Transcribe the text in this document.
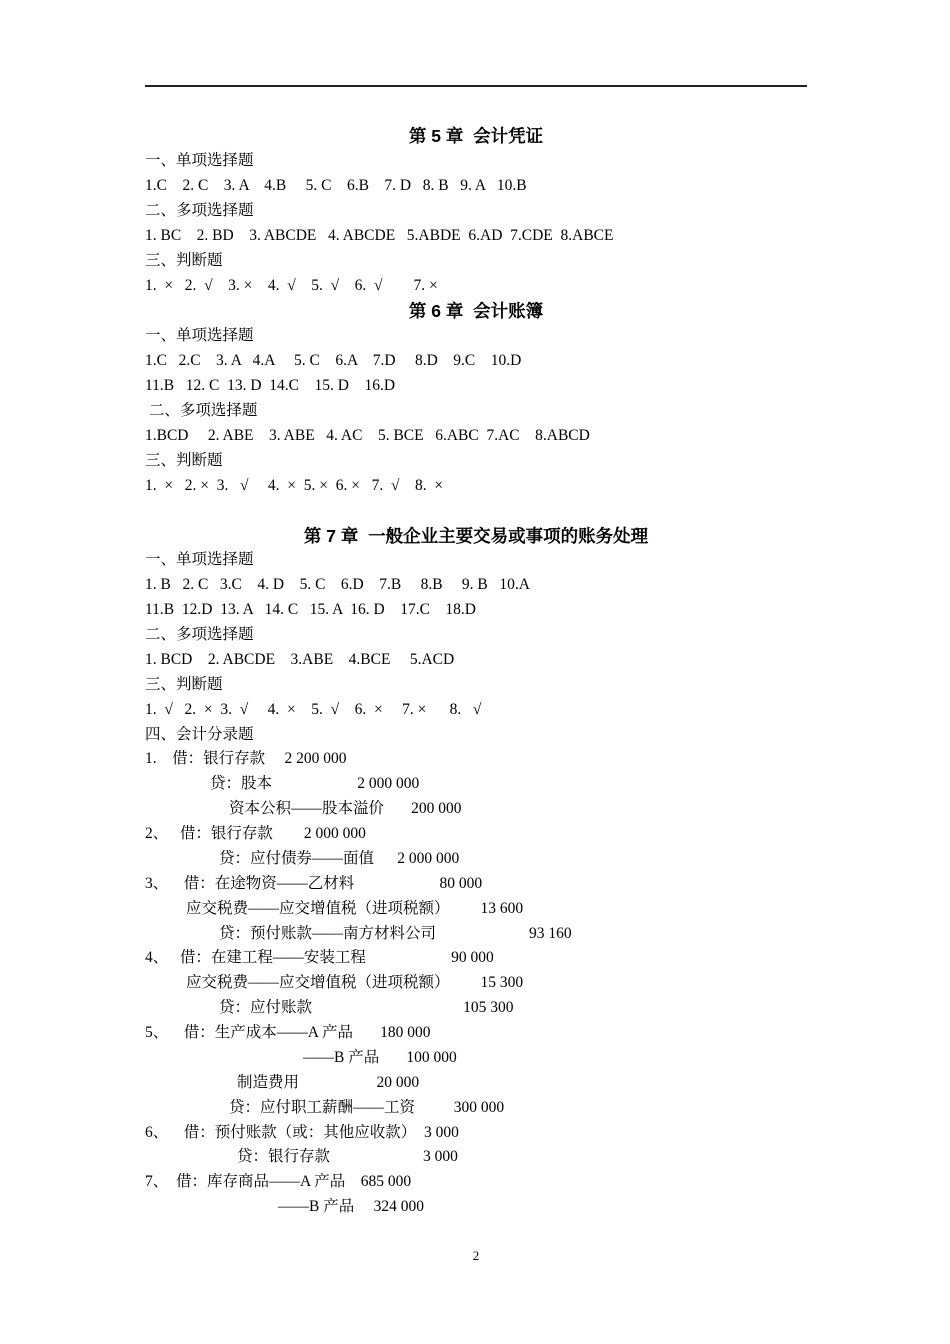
第 5 章  会计凭证
一、单项选择题
1.C    2. C    3. A    4.B     5. C    6.B    7. D   8. B   9. A   10.B
二、多项选择题
1. BC    2. BD    3. ABCDE   4. ABCDE   5.ABDE  6.AD  7.CDE  8.ABCE
三、判断题
1.  ×   2.  √    3. ×    4.  √    5.  √    6.  √        7. ×
第 6 章  会计账簿
一、单项选择题
1.C   2.C    3. A   4.A     5. C    6.A    7.D     8.D    9.C    10.D
11.B   12. C  13. D  14.C    15. D    16.D
二、多项选择题
1.BCD     2. ABE    3. ABE   4. AC    5. BCE   6.ABC  7.AC    8.ABCD
三、判断题
1.  ×   2. ×  3.   √     4.  ×  5. ×  6. ×   7.  √    8.  ×
第 7 章  一般企业主要交易或事项的账务处理
一、单项选择题
1. B   2. C   3.C    4. D    5. C    6.D    7.B     8.B     9. B   10.A
11.B  12.D  13. A   14. C   15. A  16. D    17.C    18.D
二、多项选择题
1. BCD    2. ABCDE    3.ABE    4.BCE     5.ACD
三、判断题
1.  √   2.  ×  3.  √     4.  ×    5.  √    6.  ×     7. ×      8.   √
四、会计分录题
1.    借：银行存款     2 200 000
贷：股本                      2 000 000
资本公积——股本溢价       200 000
2、   借：银行存款        2 000 000
贷：应付债券——面值      2 000 000
3、    借：在途物资——乙材料                      80 000
应交税费——应交增值税（进项税额）        13 600
贷：预付账款——南方材料公司                        93 160
4、   借：在建工程——安装工程                      90 000
应交税费——应交增值税（进项税额）        15 300
贷：应付账款                                       105 300
5、    借：生产成本——A 产品       180 000
——B 产品       100 000
制造费用                    20 000
贷：应付职工薪酬——工资          300 000
6、    借：预付账款（或：其他应收款）  3 000
贷：银行存款                        3 000
7、  借：库存商品——A 产品    685 000
——B 产品     324 000
2
